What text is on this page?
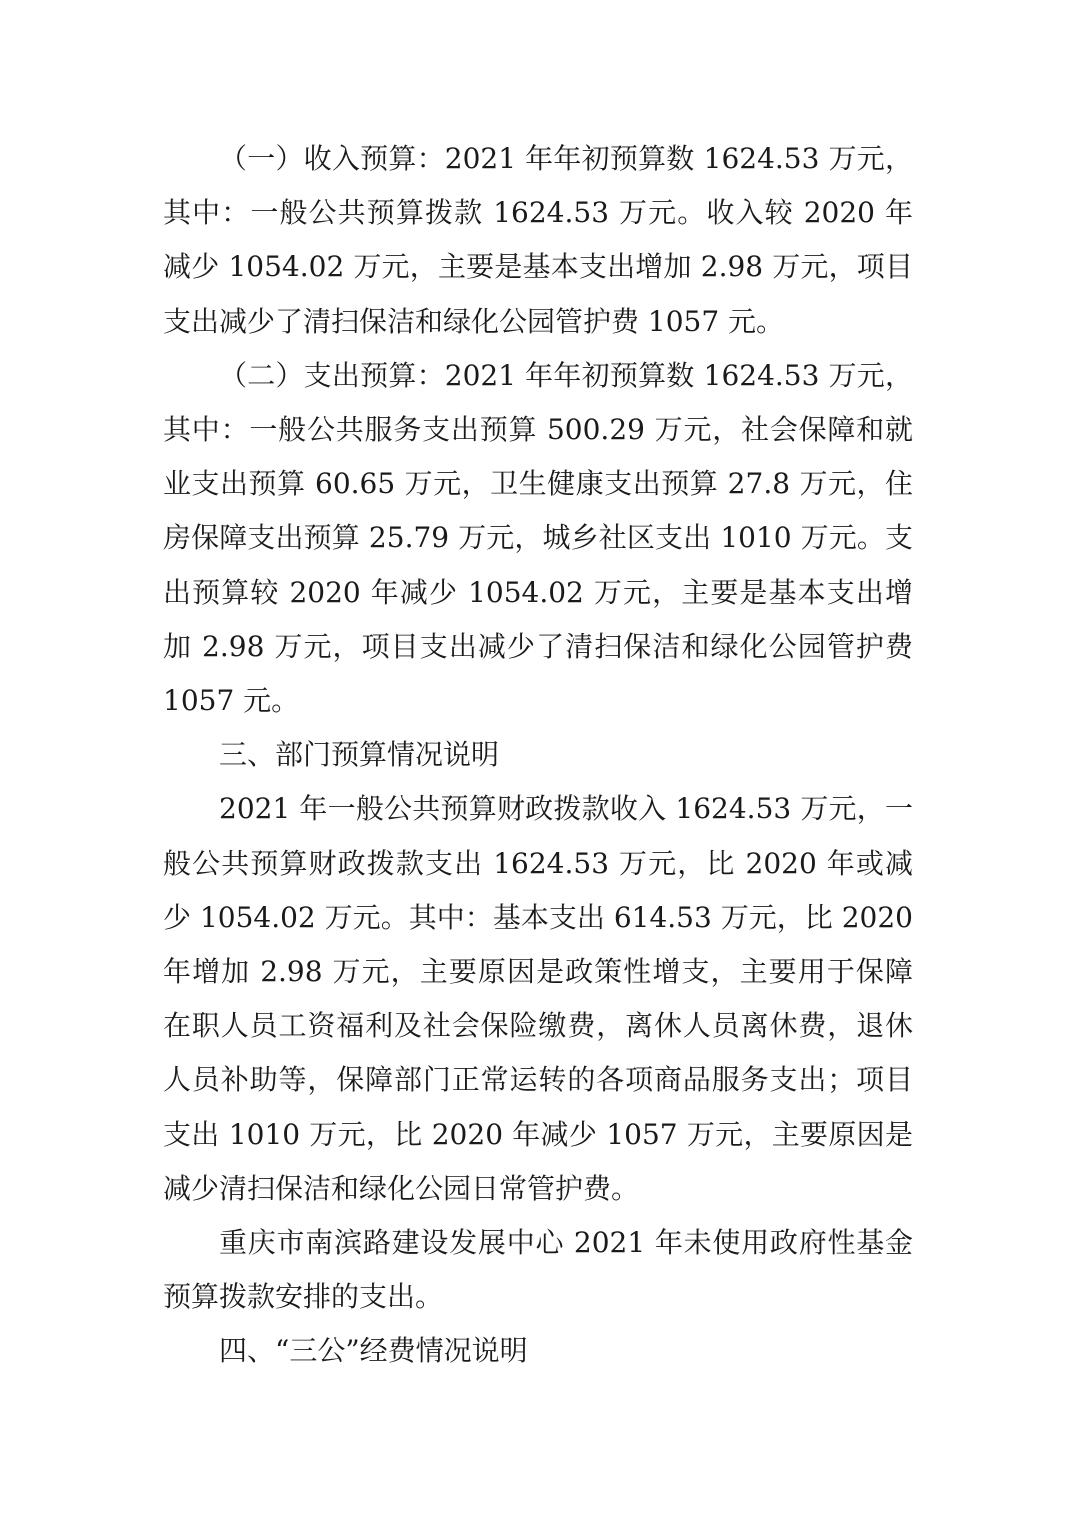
（一）收入预算：2021 年年初预算数 1624.53 万元，其中：一般公共预算拨款 1624.53 万元。收入较 2020 年减少 1054.02 万元，主要是基本支出增加 2.98 万元，项目支出减少了清扫保洁和绿化公园管护费 1057 元。

（二）支出预算：2021 年年初预算数 1624.53 万元，其中：一般公共服务支出预算 500.29 万元，社会保障和就业支出预算 60.65 万元，卫生健康支出预算 27.8 万元，住房保障支出预算 25.79 万元，城乡社区支出 1010 万元。支出预算较 2020 年减少 1054.02 万元，主要是基本支出增加 2.98 万元，项目支出减少了清扫保洁和绿化公园管护费 1057 元。

三、部门预算情况说明

2021 年一般公共预算财政拨款收入 1624.53 万元，一般公共预算财政拨款支出 1624.53 万元，比 2020 年或减少 1054.02 万元。其中：基本支出 614.53 万元，比 2020 年增加 2.98 万元，主要原因是政策性增支，主要用于保障在职人员工资福利及社会保险缴费，离休人员离休费，退休人员补助等，保障部门正常运转的各项商品服务支出；项目支出 1010 万元，比 2020 年减少 1057 万元，主要原因是减少清扫保洁和绿化公园日常管护费。

重庆市南滨路建设发展中心 2021 年未使用政府性基金预算拨款安排的支出。

四、“三公”经费情况说明
